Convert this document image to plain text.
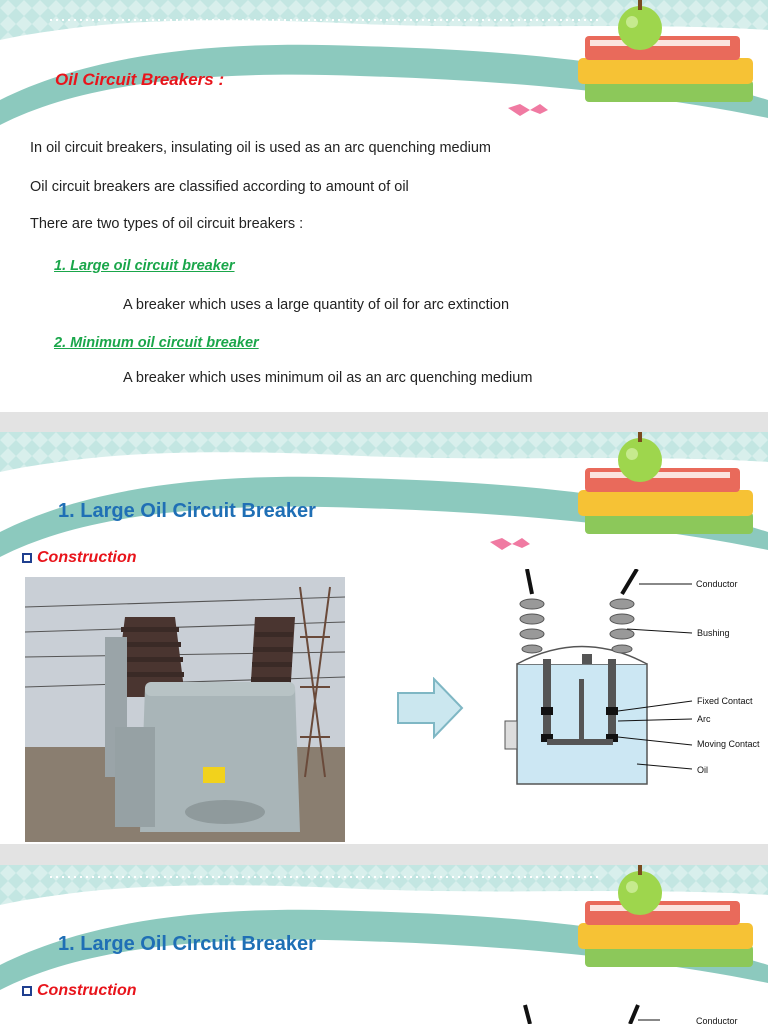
Oil Circuit Breakers :
In oil circuit breakers, insulating oil is used as an arc quenching medium
Oil circuit breakers are classified according to amount of oil
There are two types of oil circuit breakers :
1. Large oil circuit breaker
A breaker which uses a large quantity of oil for arc extinction
2. Minimum oil circuit breaker
A breaker which uses minimum oil as an arc quenching medium
1. Large Oil Circuit Breaker
Construction
Conductor
Bushing
Fixed Contact
Arc
Moving Contact
Oil
1. Large Oil Circuit Breaker
Construction
Conductor
